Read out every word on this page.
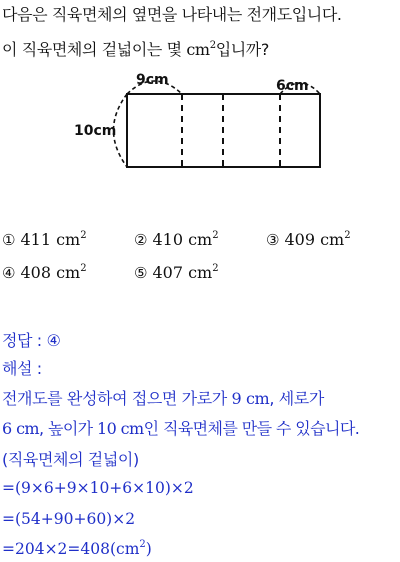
다음은 직육면체의 옆면을 나타내는 전개도입니다.
이 직육면체의 겉넓이는 몇 $cm^2$입니까?
9cm	6cm
10cm
① 411 $cm^2$	② 410 $cm^2$	③ 409 $cm^2$
④ 408 $cm^2$	⑤ 407 $cm^2$
정답 : ④
해설 :
전개도를 완성하여 접으면 가로가 9 cm, 세로가
6 cm, 높이가 10 cm인 직육면체를 만들 수 있습니다.
(직육면체의 겉넓이)
=(9×6+9×10+6×10)×2
=(54+90+60)×2
$=204\times 2=408(cm^2)$
